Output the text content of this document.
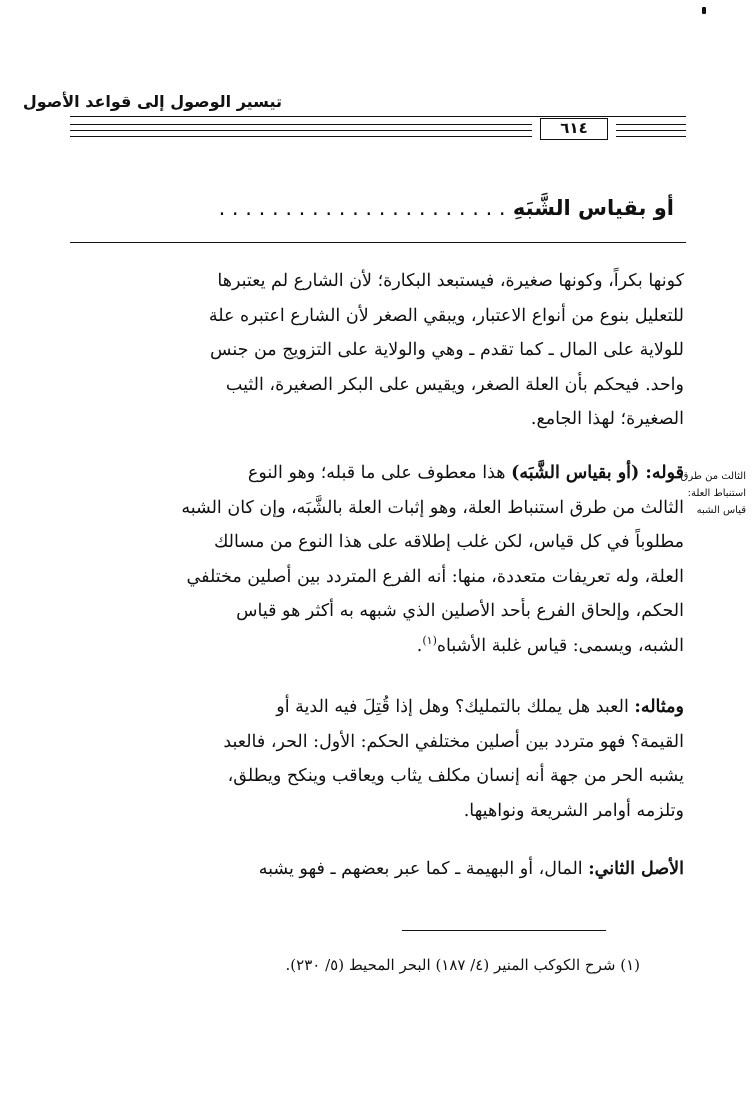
تيسير الوصول إلى قواعد الأصول
٦١٤
أو بقياس الشَّبَهِ . . . . . . . . . . . . . . . . . . . . . .
كونها بكراً، وكونها صغيرة، فيستبعد البكارة؛ لأن الشارع لم يعتبرها
للتعليل بنوع من أنواع الاعتبار، ويبقي الصغر لأن الشارع اعتبره علة
للولاية على المال ـ كما تقدم ـ وهي والولاية على التزويج من جنس
واحد. فيحكم بأن العلة الصغر، ويقيس على البكر الصغيرة، الثيب
الصغيرة؛ لهذا الجامع.
قوله: (أو بقياس الشَّبَه) هذا معطوف على ما قبله؛ وهو النوع
الثالث من طرق استنباط العلة، وهو إثبات العلة بالشَّبَه، وإن كان الشبه
مطلوباً في كل قياس، لكن غلب إطلاقه على هذا النوع من مسالك
العلة، وله تعريفات متعددة، منها: أنه الفرع المتردد بين أصلين مختلفي
الحكم، وإلحاق الفرع بأحد الأصلين الذي شبهه به أكثر هو قياس
الشبه، ويسمى: قياس غلبة الأشباه$^{(١)}$.
الثالث من طرق
استنباط العلة:
قياس الشبه
ومثاله: العبد هل يملك بالتمليك؟ وهل إذا قُتِلَ فيه الدية أو
القيمة؟ فهو متردد بين أصلين مختلفي الحكم: الأول: الحر، فالعبد
يشبه الحر من جهة أنه إنسان مكلف يثاب ويعاقب وينكح ويطلق،
وتلزمه أوامر الشريعة ونواهيها.
الأصل الثاني: المال، أو البهيمة ـ كما عبر بعضهم ـ فهو يشبه
(١) شرح الكوكب المنير (٤/ ١٨٧) البحر المحيط (٥/ ٢٣٠).
